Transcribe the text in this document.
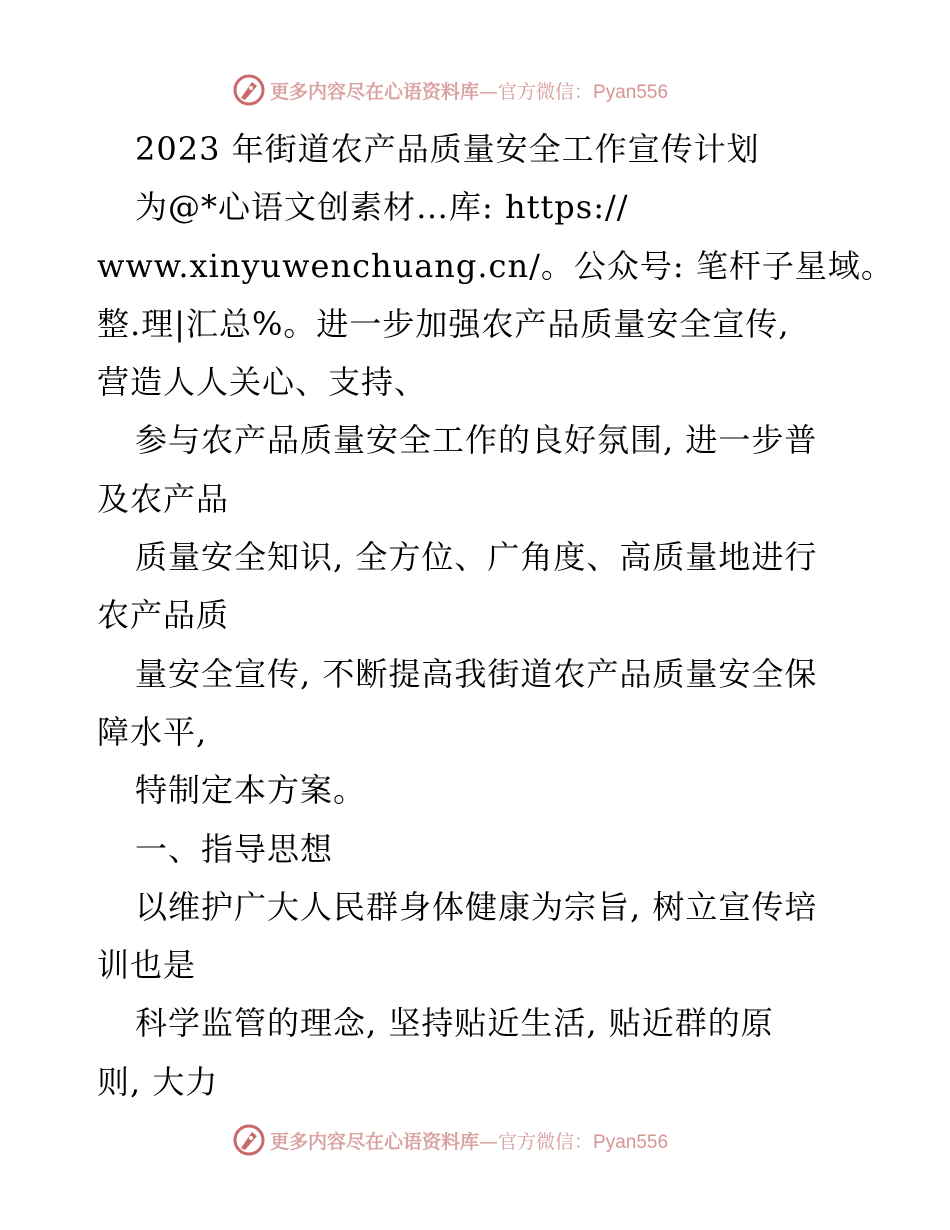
更多内容尽在心语资料库—官方微信：Pyan556
2023 年街道农产品质量安全工作宣传计划
为@*心语文创素材…库: https://
www.xinyuwenchuang.cn/。公众号: 笔杆子星域。
整.理|汇总%。进一步加强农产品质量安全宣传,
营造人人关心、支持、
参与农产品质量安全工作的良好氛围, 进一步普
及农产品
质量安全知识, 全方位、广角度、高质量地进行
农产品质
量安全宣传, 不断提高我街道农产品质量安全保
障水平,
特制定本方案。
一、指导思想
以维护广大人民群身体健康为宗旨, 树立宣传培
训也是
科学监管的理念, 坚持贴近生活, 贴近群的原
则, 大力
更多内容尽在心语资料库—官方微信：Pyan556
